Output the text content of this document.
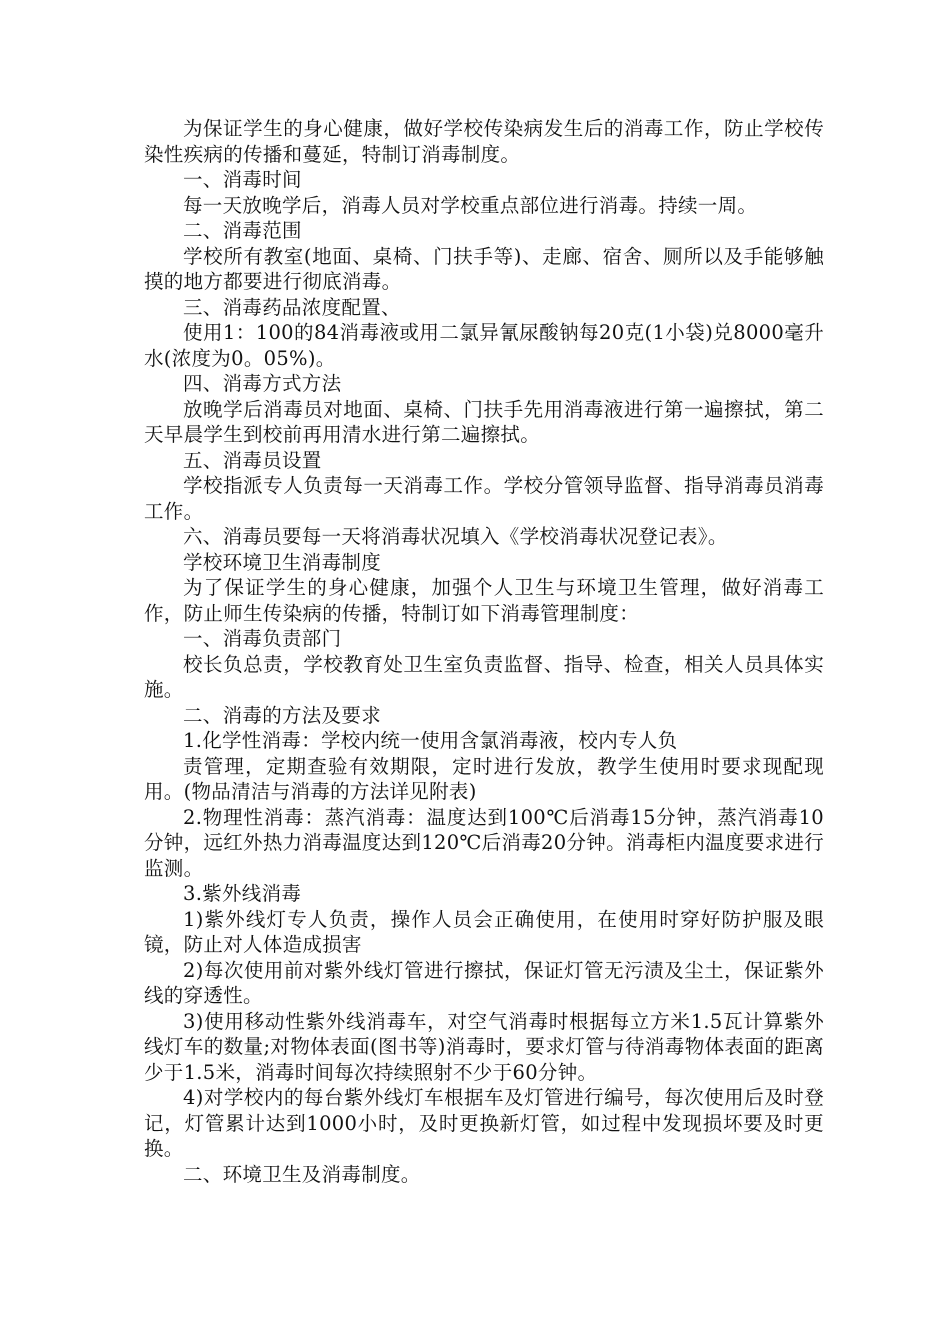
为保证学生的身心健康，做好学校传染病发生后的消毒工作，防止学校传染性疾病的传播和蔓延，特制订消毒制度。

一、消毒时间

每一天放晚学后，消毒人员对学校重点部位进行消毒。持续一周。

二、消毒范围

学校所有教室(地面、桌椅、门扶手等)、走廊、宿舍、厕所以及手能够触摸的地方都要进行彻底消毒。

三、消毒药品浓度配置、

使用1：100的84消毒液或用二氯异氰尿酸钠每20克(1小袋)兑8000毫升水(浓度为0。05%)。

四、消毒方式方法

放晚学后消毒员对地面、桌椅、门扶手先用消毒液进行第一遍擦拭，第二天早晨学生到校前再用清水进行第二遍擦拭。

五、消毒员设置

学校指派专人负责每一天消毒工作。学校分管领导监督、指导消毒员消毒工作。

六、消毒员要每一天将消毒状况填入《学校消毒状况登记表》。

学校环境卫生消毒制度

为了保证学生的身心健康，加强个人卫生与环境卫生管理，做好消毒工作，防止师生传染病的传播，特制订如下消毒管理制度：

一、消毒负责部门

校长负总责，学校教育处卫生室负责监督、指导、检查，相关人员具体实施。

二、消毒的方法及要求

1.化学性消毒：学校内统一使用含氯消毒液，校内专人负

责管理，定期查验有效期限，定时进行发放，教学生使用时要求现配现用。(物品清洁与消毒的方法详见附表)

2.物理性消毒：蒸汽消毒：温度达到100℃后消毒15分钟，蒸汽消毒10分钟，远红外热力消毒温度达到120℃后消毒20分钟。消毒柜内温度要求进行监测。

3.紫外线消毒

1)紫外线灯专人负责，操作人员会正确使用，在使用时穿好防护服及眼镜，防止对人体造成损害

2)每次使用前对紫外线灯管进行擦拭，保证灯管无污渍及尘土，保证紫外线的穿透性。

3)使用移动性紫外线消毒车，对空气消毒时根据每立方米1.5瓦计算紫外线灯车的数量;对物体表面(图书等)消毒时，要求灯管与待消毒物体表面的距离少于1.5米，消毒时间每次持续照射不少于60分钟。

4)对学校内的每台紫外线灯车根据车及灯管进行编号，每次使用后及时登记，灯管累计达到1000小时，及时更换新灯管，如过程中发现损坏要及时更换。

二、环境卫生及消毒制度。
